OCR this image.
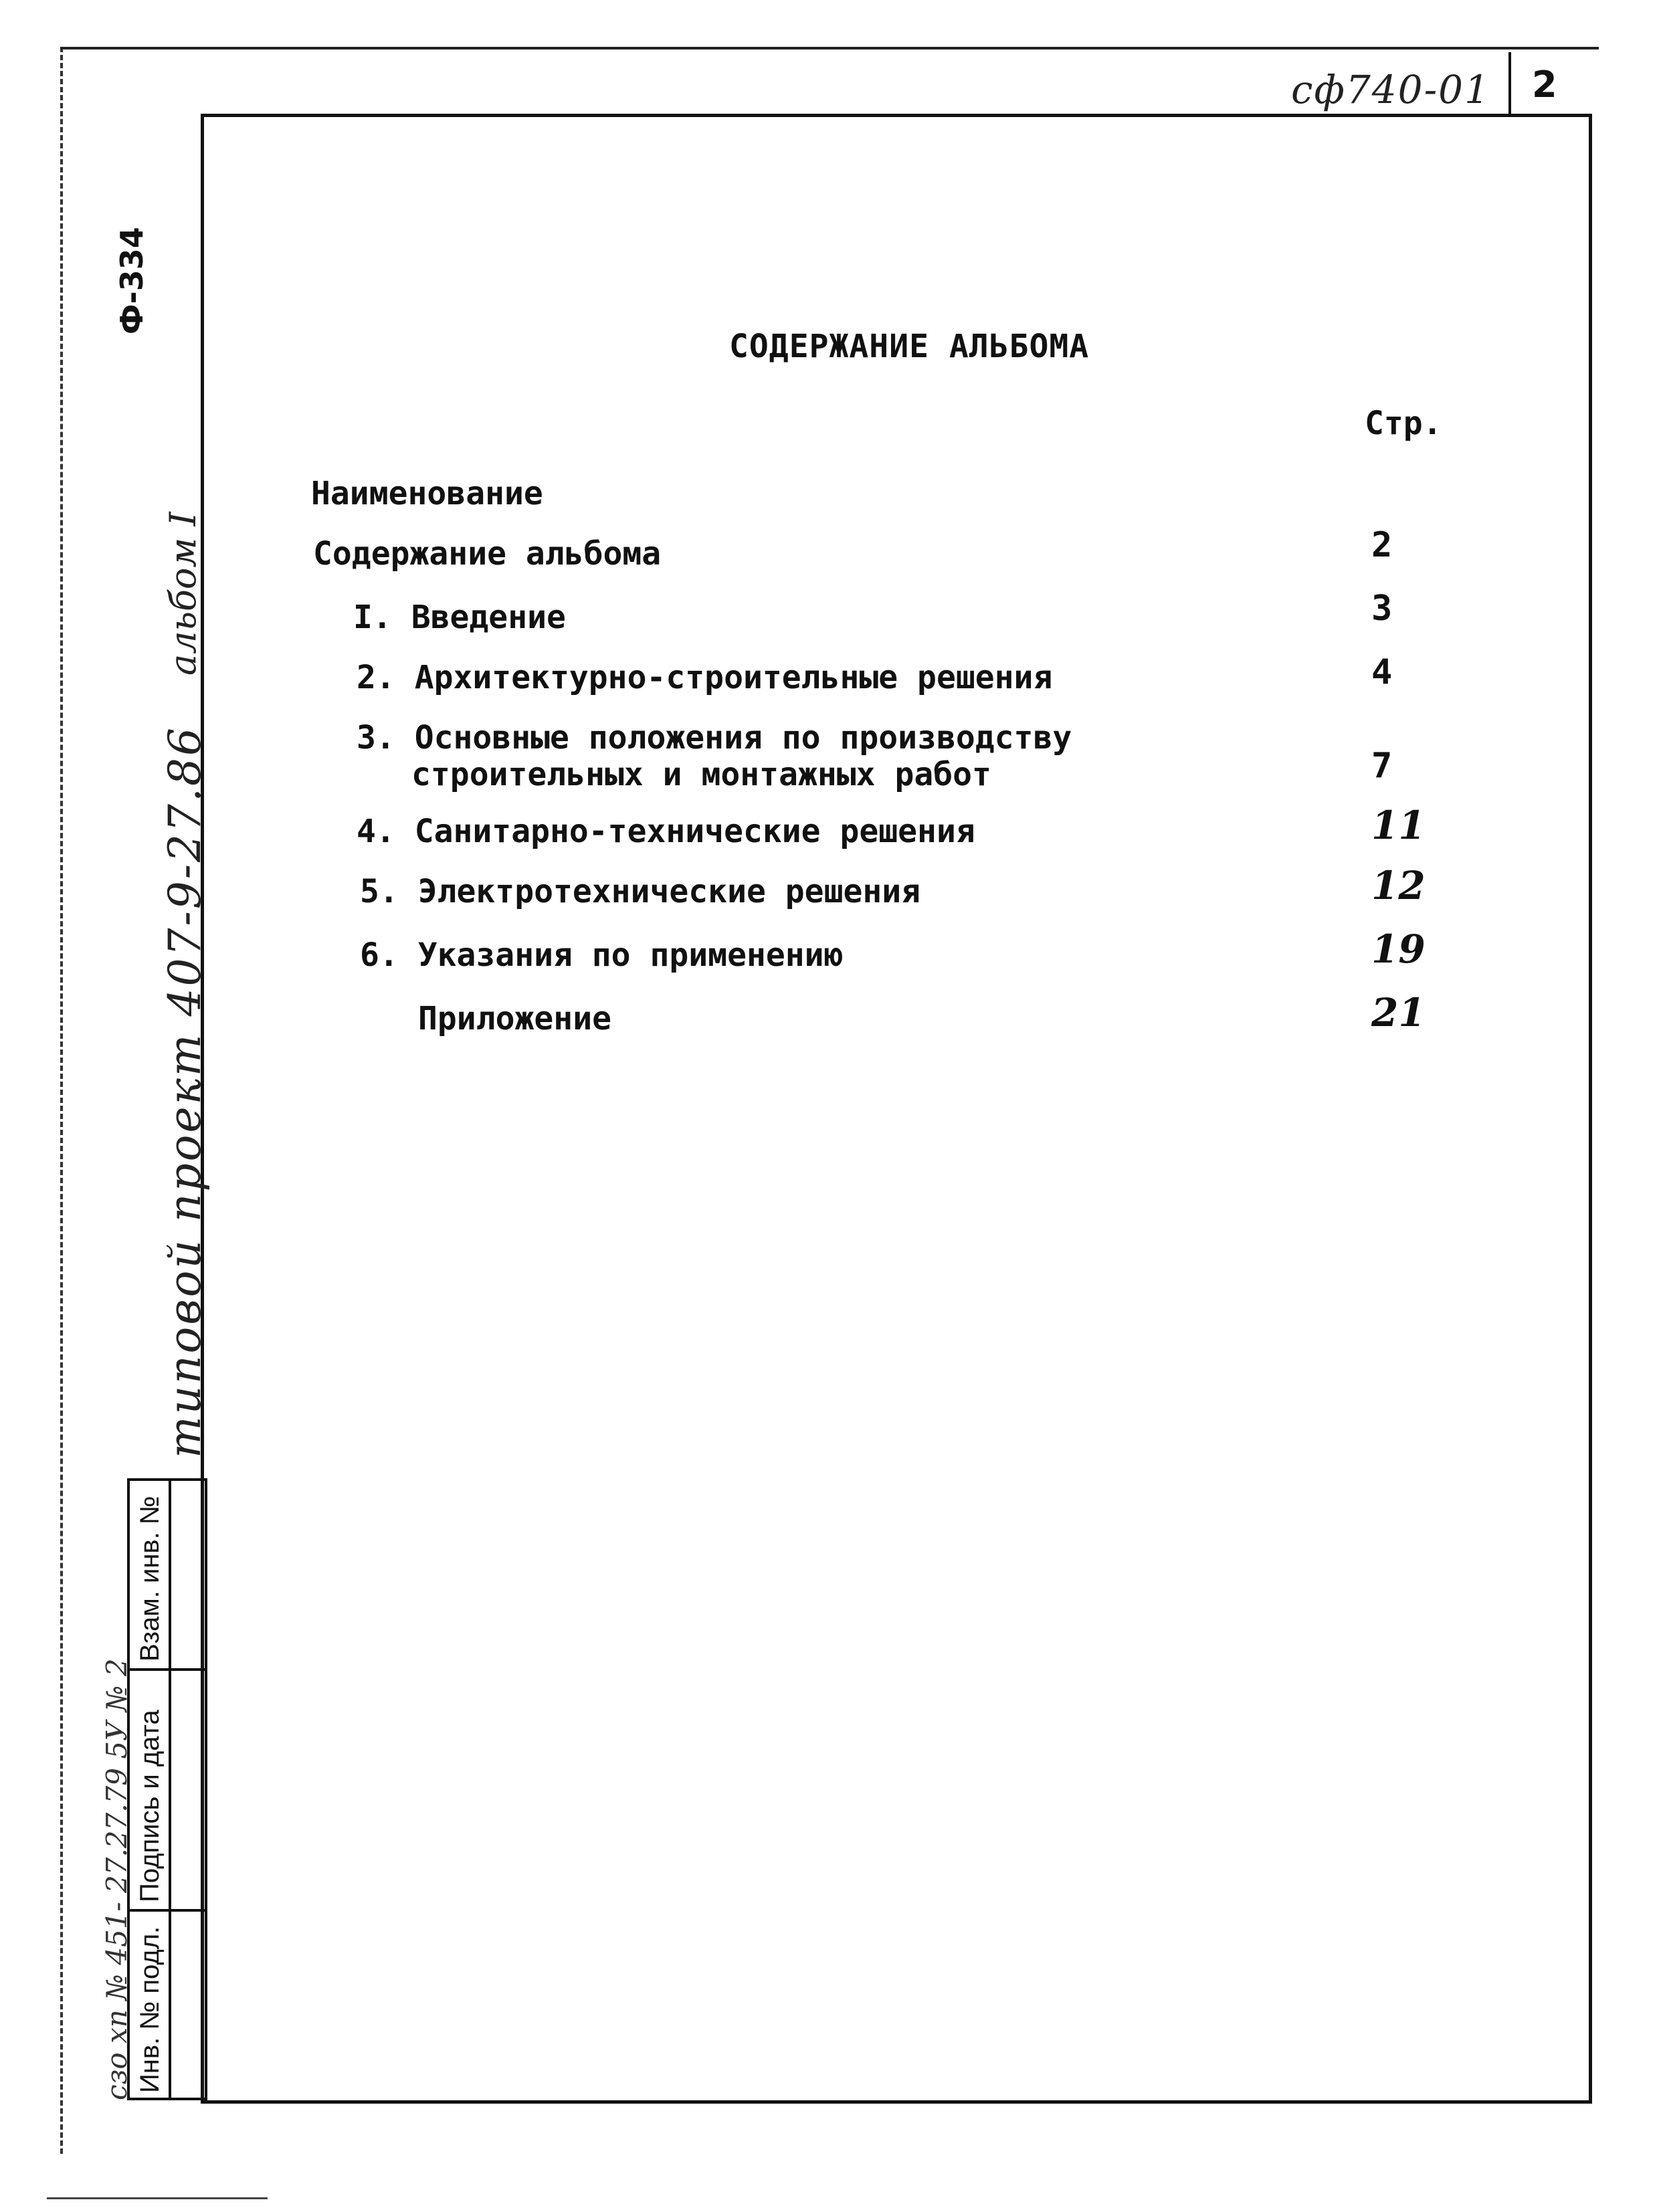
сф740-01 2
Ф-334
альбом I
типовой проект 407-9-27.86
сзо хп № 451- 27.27.79 5У № 2
Взам. инв. №
Подпись и дата
Инв. № подл.
СОДЕРЖАНИЕ АЛЬБОМА
Стр.
Наименование
Содержание альбома	2
I. Введение	3
2. Архитектурно-строительные решения	4
3. Основные положения по производству
строительных и монтажных работ	7
4. Санитарно-технические решения	11
5. Электротехнические решения	12
6. Указания по применению	19
Приложение	21
